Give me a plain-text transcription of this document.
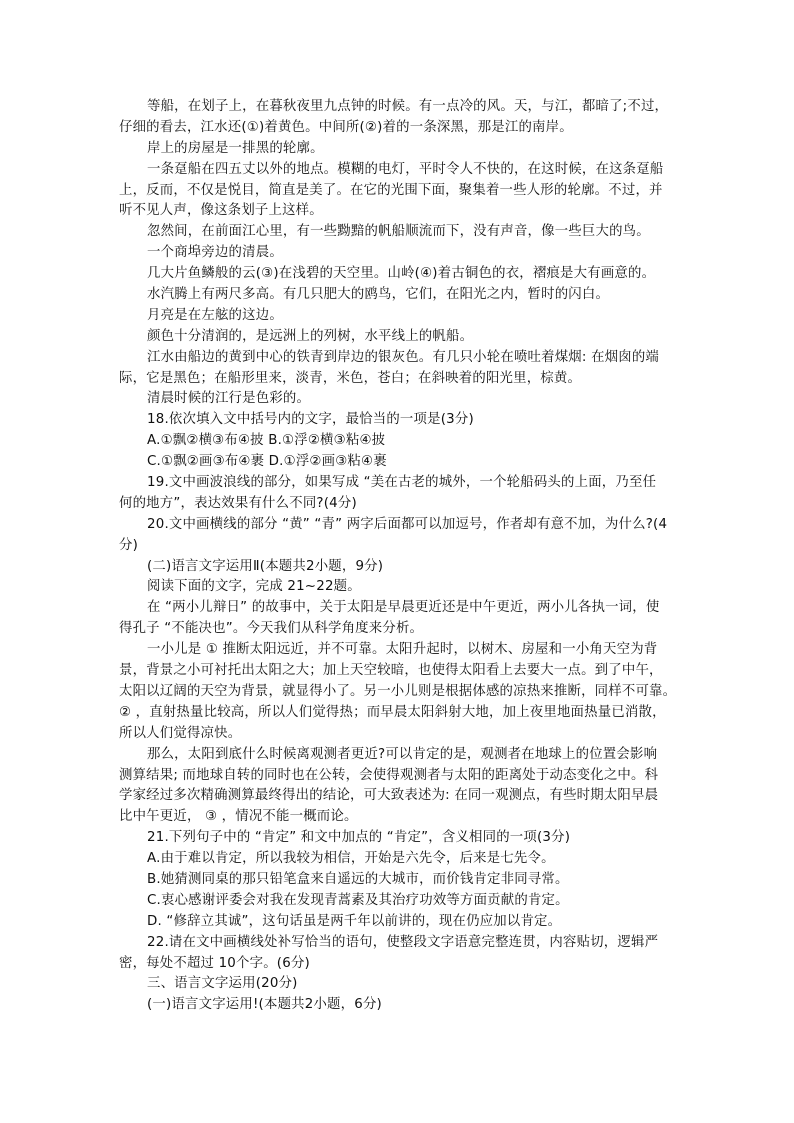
等船，在划子上，在暮秋夜里九点钟的时候。有一点冷的风。天，与江，都暗了;不过，
仔细的看去，江水还(①)着黄色。中间所(②)着的一条深黑，那是江的南岸。
岸上的房屋是一排黑的轮廓。
一条趸船在四五丈以外的地点。模糊的电灯，平时令人不快的，在这时候，在这条趸船
上，反而，不仅是悦目，简直是美了。在它的光围下面，聚集着一些人形的轮廓。不过，并
听不见人声，像这条划子上这样。
忽然间，在前面江心里，有一些黝黯的帆船顺流而下，没有声音，像一些巨大的鸟。
一个商埠旁边的清晨。
几大片鱼鳞般的云(③)在浅碧的天空里。山岭(④)着古铜色的衣，褶痕是大有画意的。
水汽腾上有两尺多高。有几只肥大的鸥鸟，它们，在阳光之内，暂时的闪白。
月亮是在左舷的这边。
颜色十分清润的，是远洲上的列树，水平线上的帆船。
江水由船边的黄到中心的铁青到岸边的银灰色。有几只小轮在喷吐着煤烟: 在烟囱的端
际，它是黑色；在船形里来，淡青，米色，苍白；在斜映着的阳光里，棕黄。
清晨时候的江行是色彩的。
18.依次填入文中括号内的文字，最恰当的一项是(3分)
A.①飘②横③布④披 B.①浮②横③粘④披
C.①飘②画③布④裹 D.①浮②画③粘④裹
19.文中画波浪线的部分，如果写成 “美在古老的城外，一个轮船码头的上面，乃至任
何的地方”，表达效果有什么不同?(4分)
20.文中画横线的部分 “黄” “青” 两字后面都可以加逗号，作者却有意不加，为什么?(4
分)
(二)语言文字运用Ⅱ(本题共2小题，9分)
阅读下面的文字，完成 21~22题。
在 “两小儿辩日” 的故事中，关于太阳是早晨更近还是中午更近，两小儿各执一词，使
得孔子 “不能决也”。今天我们从科学角度来分析。
一小儿是 ① 推断太阳远近，并不可靠。太阳升起时，以树木、房屋和一小角天空为背
景，背景之小可衬托出太阳之大；加上天空较暗，也使得太阳看上去要大一点。到了中午，
太阳以辽阔的天空为背景，就显得小了。另一小儿则是根据体感的凉热来推断，同样不可靠。
② ，直射热量比较高，所以人们觉得热；而早晨太阳斜射大地，加上夜里地面热量已消散，
所以人们觉得凉快。
那么，太阳到底什么时候离观测者更近?可以肯定的是，观测者在地球上的位置会影响
测算结果; 而地球自转的同时也在公转，会使得观测者与太阳的距离处于动态变化之中。科
学家经过多次精确测算最终得出的结论，可大致表述为: 在同一观测点，有些时期太阳早晨
比中午更近， ③ ，情况不能一概而论。
21.下列句子中的 “肯定” 和文中加点的 “肯定”，含义相同的一项(3分)
A.由于难以肯定，所以我较为相信，开始是六先令，后来是七先令。
B.她猜测同桌的那只铅笔盒来自遥远的大城市，而价钱肯定非同寻常。
C.衷心感谢评委会对我在发现青蒿素及其治疗功效等方面贡献的肯定。
D. “修辞立其诚”，这句话虽是两千年以前讲的，现在仍应加以肯定。
22.请在文中画横线处补写恰当的语句，使整段文字语意完整连贯，内容贴切，逻辑严
密，每处不超过 10个字。(6分)
三、语言文字运用(20分)
(一)语言文字运用!(本题共2小题，6分)
